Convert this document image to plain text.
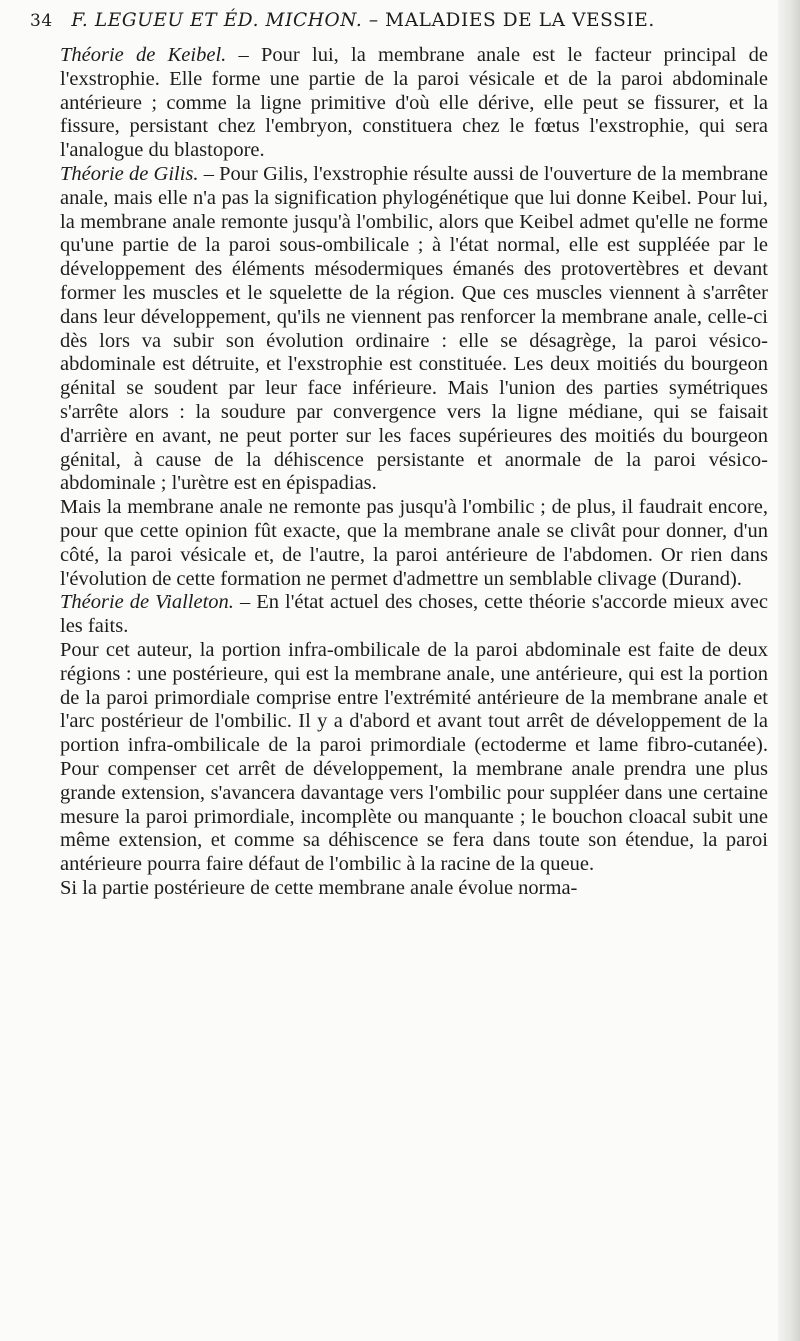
34 F. LEGUEU ET ÉD. MICHON. – MALADIES DE LA VESSIE.

Théorie de Keibel. – Pour lui, la membrane anale est le facteur principal de l'exstrophie. Elle forme une partie de la paroi vésicale et de la paroi abdominale antérieure ; comme la ligne primitive d'où elle dérive, elle peut se fissurer, et la fissure, persistant chez l'embryon, constituera chez le fœtus l'exstrophie, qui sera l'analogue du blastopore.

Théorie de Gilis. – Pour Gilis, l'exstrophie résulte aussi de l'ouverture de la membrane anale, mais elle n'a pas la signification phylogénétique que lui donne Keibel. Pour lui, la membrane anale remonte jusqu'à l'ombilic, alors que Keibel admet qu'elle ne forme qu'une partie de la paroi sous-ombilicale ; à l'état normal, elle est suppléée par le développement des éléments mésodermiques émanés des protovertèbres et devant former les muscles et le squelette de la région. Que ces muscles viennent à s'arrêter dans leur développement, qu'ils ne viennent pas renforcer la membrane anale, celle-ci dès lors va subir son évolution ordinaire : elle se désagrège, la paroi vésico-abdominale est détruite, et l'exstrophie est constituée. Les deux moitiés du bourgeon génital se soudent par leur face inférieure. Mais l'union des parties symétriques s'arrête alors : la soudure par convergence vers la ligne médiane, qui se faisait d'arrière en avant, ne peut porter sur les faces supérieures des moitiés du bourgeon génital, à cause de la déhiscence persistante et anormale de la paroi vésico-abdominale ; l'urètre est en épispadias.

Mais la membrane anale ne remonte pas jusqu'à l'ombilic ; de plus, il faudrait encore, pour que cette opinion fût exacte, que la membrane anale se clivât pour donner, d'un côté, la paroi vésicale et, de l'autre, la paroi antérieure de l'abdomen. Or rien dans l'évolution de cette formation ne permet d'admettre un semblable clivage (Durand).

Théorie de Vialleton. – En l'état actuel des choses, cette théorie s'accorde mieux avec les faits.

Pour cet auteur, la portion infra-ombilicale de la paroi abdominale est faite de deux régions : une postérieure, qui est la membrane anale, une antérieure, qui est la portion de la paroi primordiale comprise entre l'extrémité antérieure de la membrane anale et l'arc postérieur de l'ombilic. Il y a d'abord et avant tout arrêt de développement de la portion infra-ombilicale de la paroi primordiale (ectoderme et lame fibro-cutanée). Pour compenser cet arrêt de développement, la membrane anale prendra une plus grande extension, s'avancera davantage vers l'ombilic pour suppléer dans une certaine mesure la paroi primordiale, incomplète ou manquante ; le bouchon cloacal subit une même extension, et comme sa déhiscence se fera dans toute son étendue, la paroi antérieure pourra faire défaut de l'ombilic à la racine de la queue.

Si la partie postérieure de cette membrane anale évolue norma-
